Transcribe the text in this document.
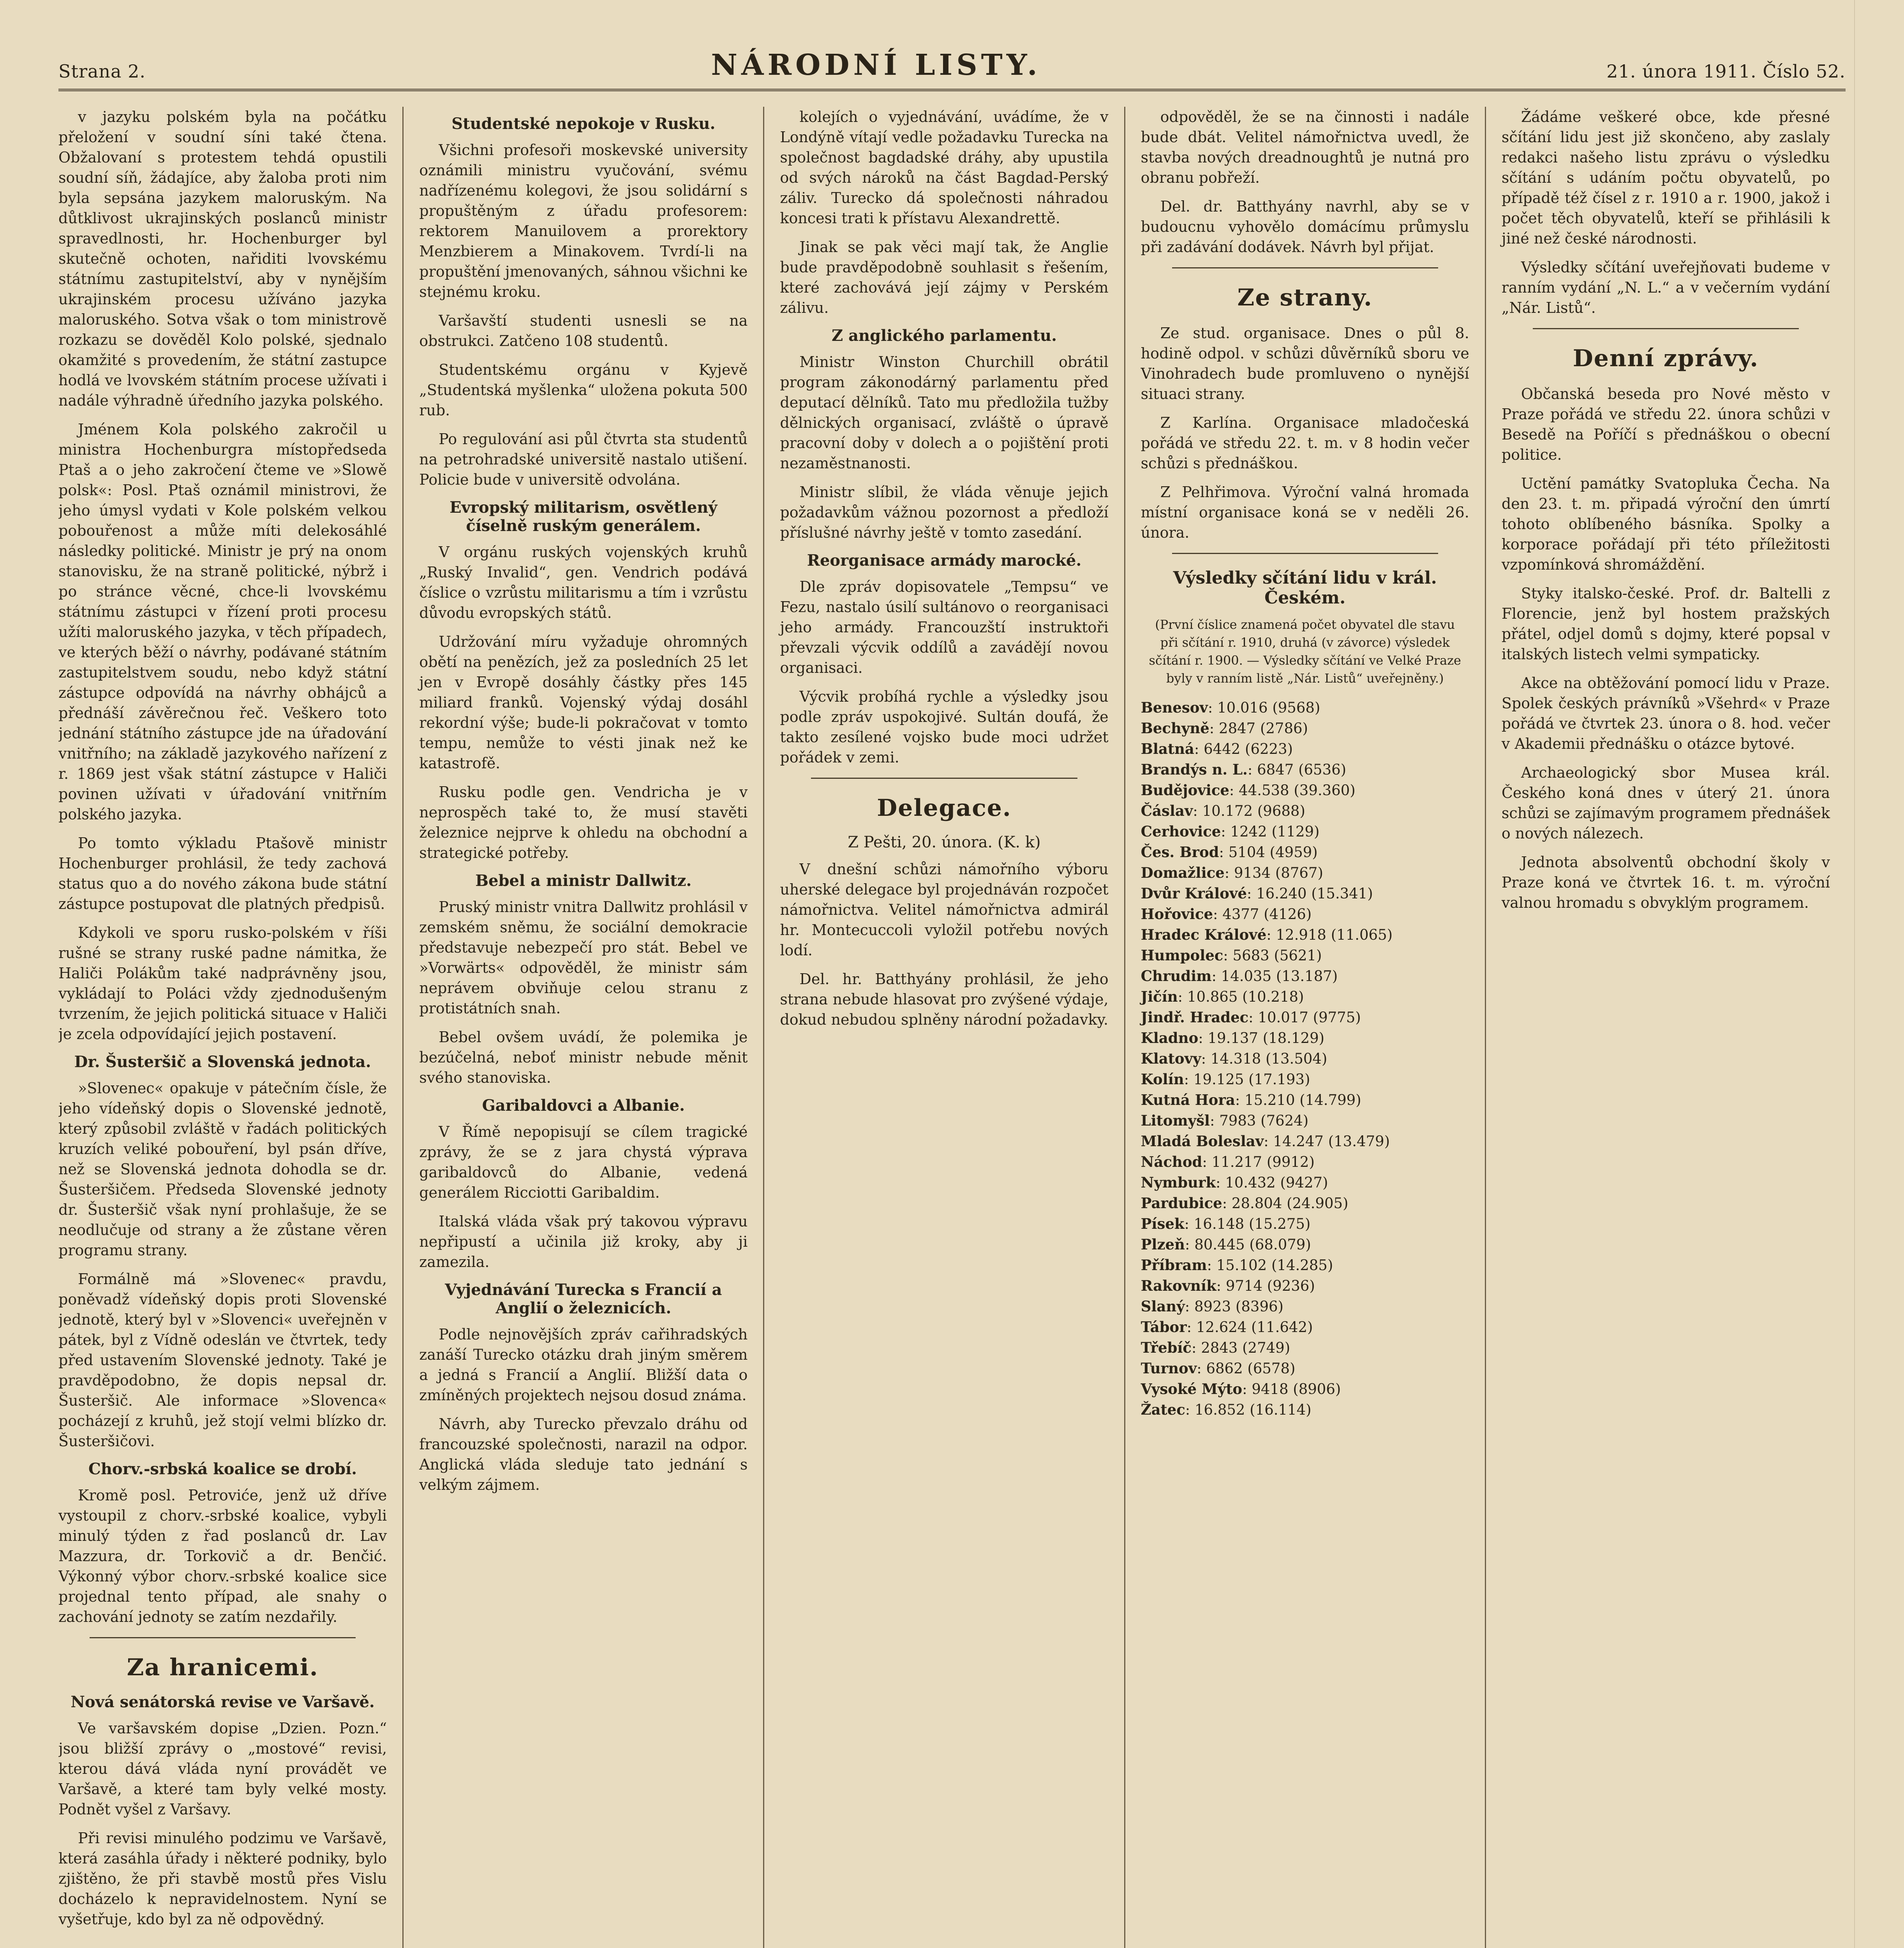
Strana 2.	NÁRODNÍ LISTY.	21. února 1911. Číslo 52.

v jazyku polském byla na počátku přeložení v soudní síni také čtena. Obžalovaní s protestem tehdá opustili soudní síň, žádajíce, aby žaloba proti nim byla sepsána jazykem maloruským. Na důtklivost ukrajinských poslanců ministr spravedlnosti, hr. Hochenburger byl skutečně ochoten, nařiditi lvovskému státnímu zastupitelství, aby v nynějším ukrajinském procesu užíváno jazyka maloruského. Sotva však o tom ministrově rozkazu se dověděl Kolo polské, sjednalo okamžité s provedením, že státní zastupce hodlá ve lvovském státním procese užívati i nadále výhradně úředního jazyka polského.

Jménem Kola polského zakročil u ministra Hochenburgra místopředseda Ptaš a o jeho zakročení čteme ve »Slowě polsk«: Posl. Ptaš oznámil ministrovi, že jeho úmysl vydati v Kole polském velkou pobouřenost a může míti delekosáhlé následky politické. Ministr je prý na onom stanovisku, že na straně politické, nýbrž i po stránce věcné, chce-li lvovskému státnímu zástupci v řízení proti procesu užíti maloruského jazyka, v těch případech, ve kterých běží o návrhy, podávané státním zastupitelstvem soudu, nebo když státní zástupce odpovídá na návrhy obhájců a přednáší závěrečnou řeč. Veškero toto jednání státního zástupce jde na úřadování vnitřního; na základě jazykového nařízení z r. 1869 jest však státní zástupce v Haliči povinen užívati v úřadování vnitřním polského jazyka.

Po tomto výkladu Ptašově ministr Hochenburger prohlásil, že tedy zachová status quo a do nového zákona bude státní zástupce postupovat dle platných předpisů.

Kdykoli ve sporu rusko-polském v říši rušné se strany ruské padne námitka, že Haliči Polákům také nadprávněny jsou, vykládají to Poláci vždy zjednodušeným tvrzením, že jejich politická situace v Haliči je zcela odpovídající jejich postavení.

Dr. Šusteršič a Slovenská jednota.

»Slovenec« opakuje v pátečním čísle, že jeho vídeňský dopis o Slovenské jednotě, který způsobil zvláště v řadách politických kruzích veliké pobouření, byl psán dříve, než se Slovenská jednota dohodla se dr. Šusteršičem. Předseda Slovenské jednoty dr. Šusteršič však nyní prohlašuje, že se neodlučuje od strany a že zůstane věren programu strany.

Formálně má »Slovenec« pravdu, poněvadž vídeňský dopis proti Slovenské jednotě, který byl v »Slovenci« uveřejněn v pátek, byl z Vídně odeslán ve čtvrtek, tedy před ustavením Slovenské jednoty. Také je pravděpodobno, že dopis nepsal dr. Šusteršič. Ale informace »Slovenca« pocházejí z kruhů, jež stojí velmi blízko dr. Šusteršičovi.

Chorv.-srbská koalice se drobí.

Kromě posl. Petroviće, jenž už dříve vystoupil z chorv.-srbské koalice, vybyli minulý týden z řad poslanců dr. Lav Mazzura, dr. Torkovič a dr. Benčić. Výkonný výbor chorv.-srbské koalice sice projednal tento případ, ale snahy o zachování jednoty se zatím nezdařily.

Za hranicemi.
Nová senátorská revise ve Varšavě.

Ve varšavském dopise „Dzien. Pozn.“ jsou bližší zprávy o „mostové“ revisi, kterou dává vláda nyní provádět ve Varšavě, a které tam byly velké mosty. Podnět vyšel z Varšavy.

Při revisi minulého podzimu ve Varšavě, která zasáhla úřady i některé podniky, bylo zjištěno, že při stavbě mostů přes Vislu docházelo k nepravidelnostem. Nyní se vyšetřuje, kdo byl za ně odpovědný.

Studentské nepokoje v Rusku.

Všichni profesoři moskevské university oznámili ministru vyučování, svému nadřízenému kolegovi, že jsou solidární s propuštěným z úřadu profesorem: rektorem Manuilovem a prorektory Menzbierem a Minakovem. Tvrdí-li na propuštění jmenovaných, sáhnou všichni ke stejnému kroku.

Varšavští studenti usnesli se na obstrukci. Zatčeno 108 studentů.

Studentskému orgánu v Kyjevě „Studentská myšlenka“ uložena pokuta 500 rub.

Po regulování asi půl čtvrta sta studentů na petrohradské universitě nastalo utišení. Policie bude v universitě odvolána.

Evropský militarism, osvětlený číselně ruským generálem.

V orgánu ruských vojenských kruhů „Ruský Invalid“, gen. Vendrich podává číslice o vzrůstu militarismu a tím i vzrůstu důvodu evropských států.

Udržování míru vyžaduje ohromných obětí na penězích, jež za posledních 25 let jen v Evropě dosáhly částky přes 145 miliard franků. Vojenský výdaj dosáhl rekordní výše; bude-li pokračovat v tomto tempu, nemůže to vésti jinak než ke katastrofě.

Rusku podle gen. Vendricha je v neprospěch také to, že musí stavěti železnice nejprve k ohledu na obchodní a strategické potřeby.

Bebel a ministr Dallwitz.

Pruský ministr vnitra Dallwitz prohlásil v zemském sněmu, že sociální demokracie představuje nebezpečí pro stát. Bebel ve »Vorwärts« odpověděl, že ministr sám neprávem obviňuje celou stranu z protistátních snah.

Bebel ovšem uvádí, že polemika je bezúčelná, neboť ministr nebude měnit svého stanoviska.

Garibaldovci a Albanie.

V Římě nepopisují se cílem tragické zprávy, že se z jara chystá výprava garibaldovců do Albanie, vedená generálem Ricciotti Garibaldim.

Italská vláda však prý takovou výpravu nepřipustí a učinila již kroky, aby ji zamezila.

Vyjednávání Turecka s Francií a Anglií o železnicích.

Podle nejnovějších zpráv cařihradských zanáší Turecko otázku drah jiným směrem a jedná s Francií a Anglií. Bližší data o zmíněných projektech nejsou dosud známa.

Návrh, aby Turecko převzalo dráhu od francouzské společnosti, narazil na odpor. Anglická vláda sleduje tato jednání s velkým zájmem.

kolejích o vyjednávání, uvádíme, že v Londýně vítají vedle požadavku Turecka na společnost bagdadské dráhy, aby upustila od svých nároků na část Bagdad-Perský záliv. Turecko dá společnosti náhradou koncesi trati k přístavu Alexandrettě.

Jinak se pak věci mají tak, že Anglie bude pravděpodobně souhlasit s řešením, které zachovává její zájmy v Perském zálivu.

Z anglického parlamentu.

Ministr Winston Churchill obrátil program zákonodárný parlamentu před deputací dělníků. Tato mu předložila tužby dělnických organisací, zvláště o úpravě pracovní doby v dolech a o pojištění proti nezaměstnanosti.

Ministr slíbil, že vláda věnuje jejich požadavkům vážnou pozornost a předloží příslušné návrhy ještě v tomto zasedání.

Reorganisace armády marocké.

Dle zpráv dopisovatele „Tempsu“ ve Fezu, nastalo úsilí sultánovo o reorganisaci jeho armády. Francouzští instruktoři převzali výcvik oddílů a zavádějí novou organisaci.

Výcvik probíhá rychle a výsledky jsou podle zpráv uspokojivé. Sultán doufá, že takto zesílené vojsko bude moci udržet pořádek v zemi.

Delegace.
Z Pešti, 20. února. (K. k)

V dnešní schůzi námořního výboru uherské delegace byl projednáván rozpočet námořnictva. Velitel námořnictva admirál hr. Montecuccoli vyložil potřebu nových lodí.

Del. hr. Batthyány prohlásil, že jeho strana nebude hlasovat pro zvýšené výdaje, dokud nebudou splněny národní požadavky.

odpověděl, že se na činnosti i nadále bude dbát. Velitel námořnictva uvedl, že stavba nových dreadnoughtů je nutná pro obranu pobřeží.

Del. dr. Batthyány navrhl, aby se v budoucnu vyhovělo domácímu průmyslu při zadávání dodávek. Návrh byl přijat.

Ze strany.

Ze stud. organisace. Dnes o půl 8. hodině odpol. v schůzi důvěrníků sboru ve Vinohradech bude promluveno o nynější situaci strany.

Z Karlína. Organisace mladočeská pořádá ve středu 22. t. m. v 8 hodin večer schůzi s přednáškou.

Z Pelhřimova. Výroční valná hromada místní organisace koná se v neděli 26. února.

Výsledky sčítání lidu v král. Českém.
(První číslice znamená počet obyvatel dle stavu při sčítání r. 1910, druhá (v závorce) výsledek sčítání r. 1900. — Výsledky sčítání ve Velké Praze byly v ranním listě „Nár. Listů“ uveřejněny.)
Benesov: 10.016 (9568)
Bechyně: 2847 (2786)
Blatná: 6442 (6223)
Brandýs n. L.: 6847 (6536)
Budějovice: 44.538 (39.360)
Čáslav: 10.172 (9688)
Cerhovice: 1242 (1129)
Čes. Brod: 5104 (4959)
Domažlice: 9134 (8767)
Dvůr Králové: 16.240 (15.341)
Hořovice: 4377 (4126)
Hradec Králové: 12.918 (11.065)
Humpolec: 5683 (5621)
Chrudim: 14.035 (13.187)
Jičín: 10.865 (10.218)
Jindř. Hradec: 10.017 (9775)
Kladno: 19.137 (18.129)
Klatovy: 14.318 (13.504)
Kolín: 19.125 (17.193)
Kutná Hora: 15.210 (14.799)
Litomyšl: 7983 (7624)
Mladá Boleslav: 14.247 (13.479)
Náchod: 11.217 (9912)
Nymburk: 10.432 (9427)
Pardubice: 28.804 (24.905)
Písek: 16.148 (15.275)
Plzeň: 80.445 (68.079)
Příbram: 15.102 (14.285)
Rakovník: 9714 (9236)
Slaný: 8923 (8396)
Tábor: 12.624 (11.642)
Třebíč: 2843 (2749)
Turnov: 6862 (6578)
Vysoké Mýto: 9418 (8906)
Žatec: 16.852 (16.114)

Žádáme veškeré obce, kde přesné sčítání lidu jest již skončeno, aby zaslaly redakci našeho listu zprávu o výsledku sčítání s udáním počtu obyvatelů, po případě též čísel z r. 1910 a r. 1900, jakož i počet těch obyvatelů, kteří se přihlásili k jiné než české národnosti.

Výsledky sčítání uveřejňovati budeme v ranním vydání „N. L.“ a v večerním vydání „Nár. Listů“.

Denní zprávy.

Občanská beseda pro Nové město v Praze pořádá ve středu 22. února schůzi v Besedě na Poříčí s přednáškou o obecní politice.

Uctění památky Svatopluka Čecha. Na den 23. t. m. připadá výroční den úmrtí tohoto oblíbeného básníka. Spolky a korporace pořádají při této příležitosti vzpomínková shromáždění.

Styky italsko-české. Prof. dr. Baltelli z Florencie, jenž byl hostem pražských přátel, odjel domů s dojmy, které popsal v italských listech velmi sympaticky.

Akce na obtěžování pomocí lidu v Praze. Spolek českých právníků »Všehrd« v Praze pořádá ve čtvrtek 23. února o 8. hod. večer v Akademii přednášku o otázce bytové.

Archaeologický sbor Musea král. Českého koná dnes v úterý 21. února schůzi se zajímavým programem přednášek o nových nálezech.

Jednota absolventů obchodní školy v Praze koná ve čtvrtek 16. t. m. výroční valnou hromadu s obvyklým programem.
